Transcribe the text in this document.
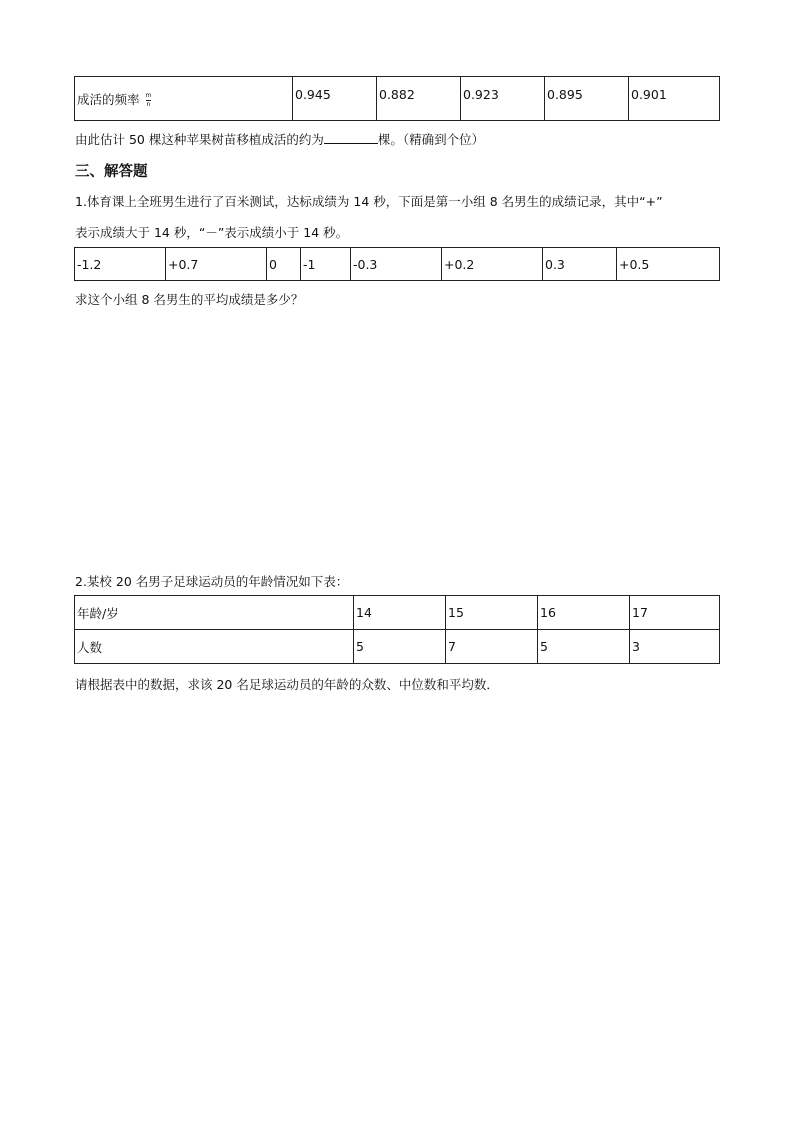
成活的频率 $\frac{m}{n}$	0.945	0.882	0.923	0.895	0.901
由此估计 50 棵这种苹果树苗移植成活的约为	棵。（精确到个位）
三、解答题
1.体育课上全班男生进行了百米测试，达标成绩为 14 秒，下面是第一小组 8 名男生的成绩记录，其中“+”
表示成绩大于 14 秒，“－”表示成绩小于 14 秒。
-1.2	+0.7	0	-1	-0.3	+0.2	0.3	+0.5
求这个小组 8 名男生的平均成绩是多少？
2.某校 20 名男子足球运动员的年龄情况如下表：
年龄/岁	14	15	16	17
人数	5	7	5	3
请根据表中的数据，求该 20 名足球运动员的年龄的众数、中位数和平均数．
